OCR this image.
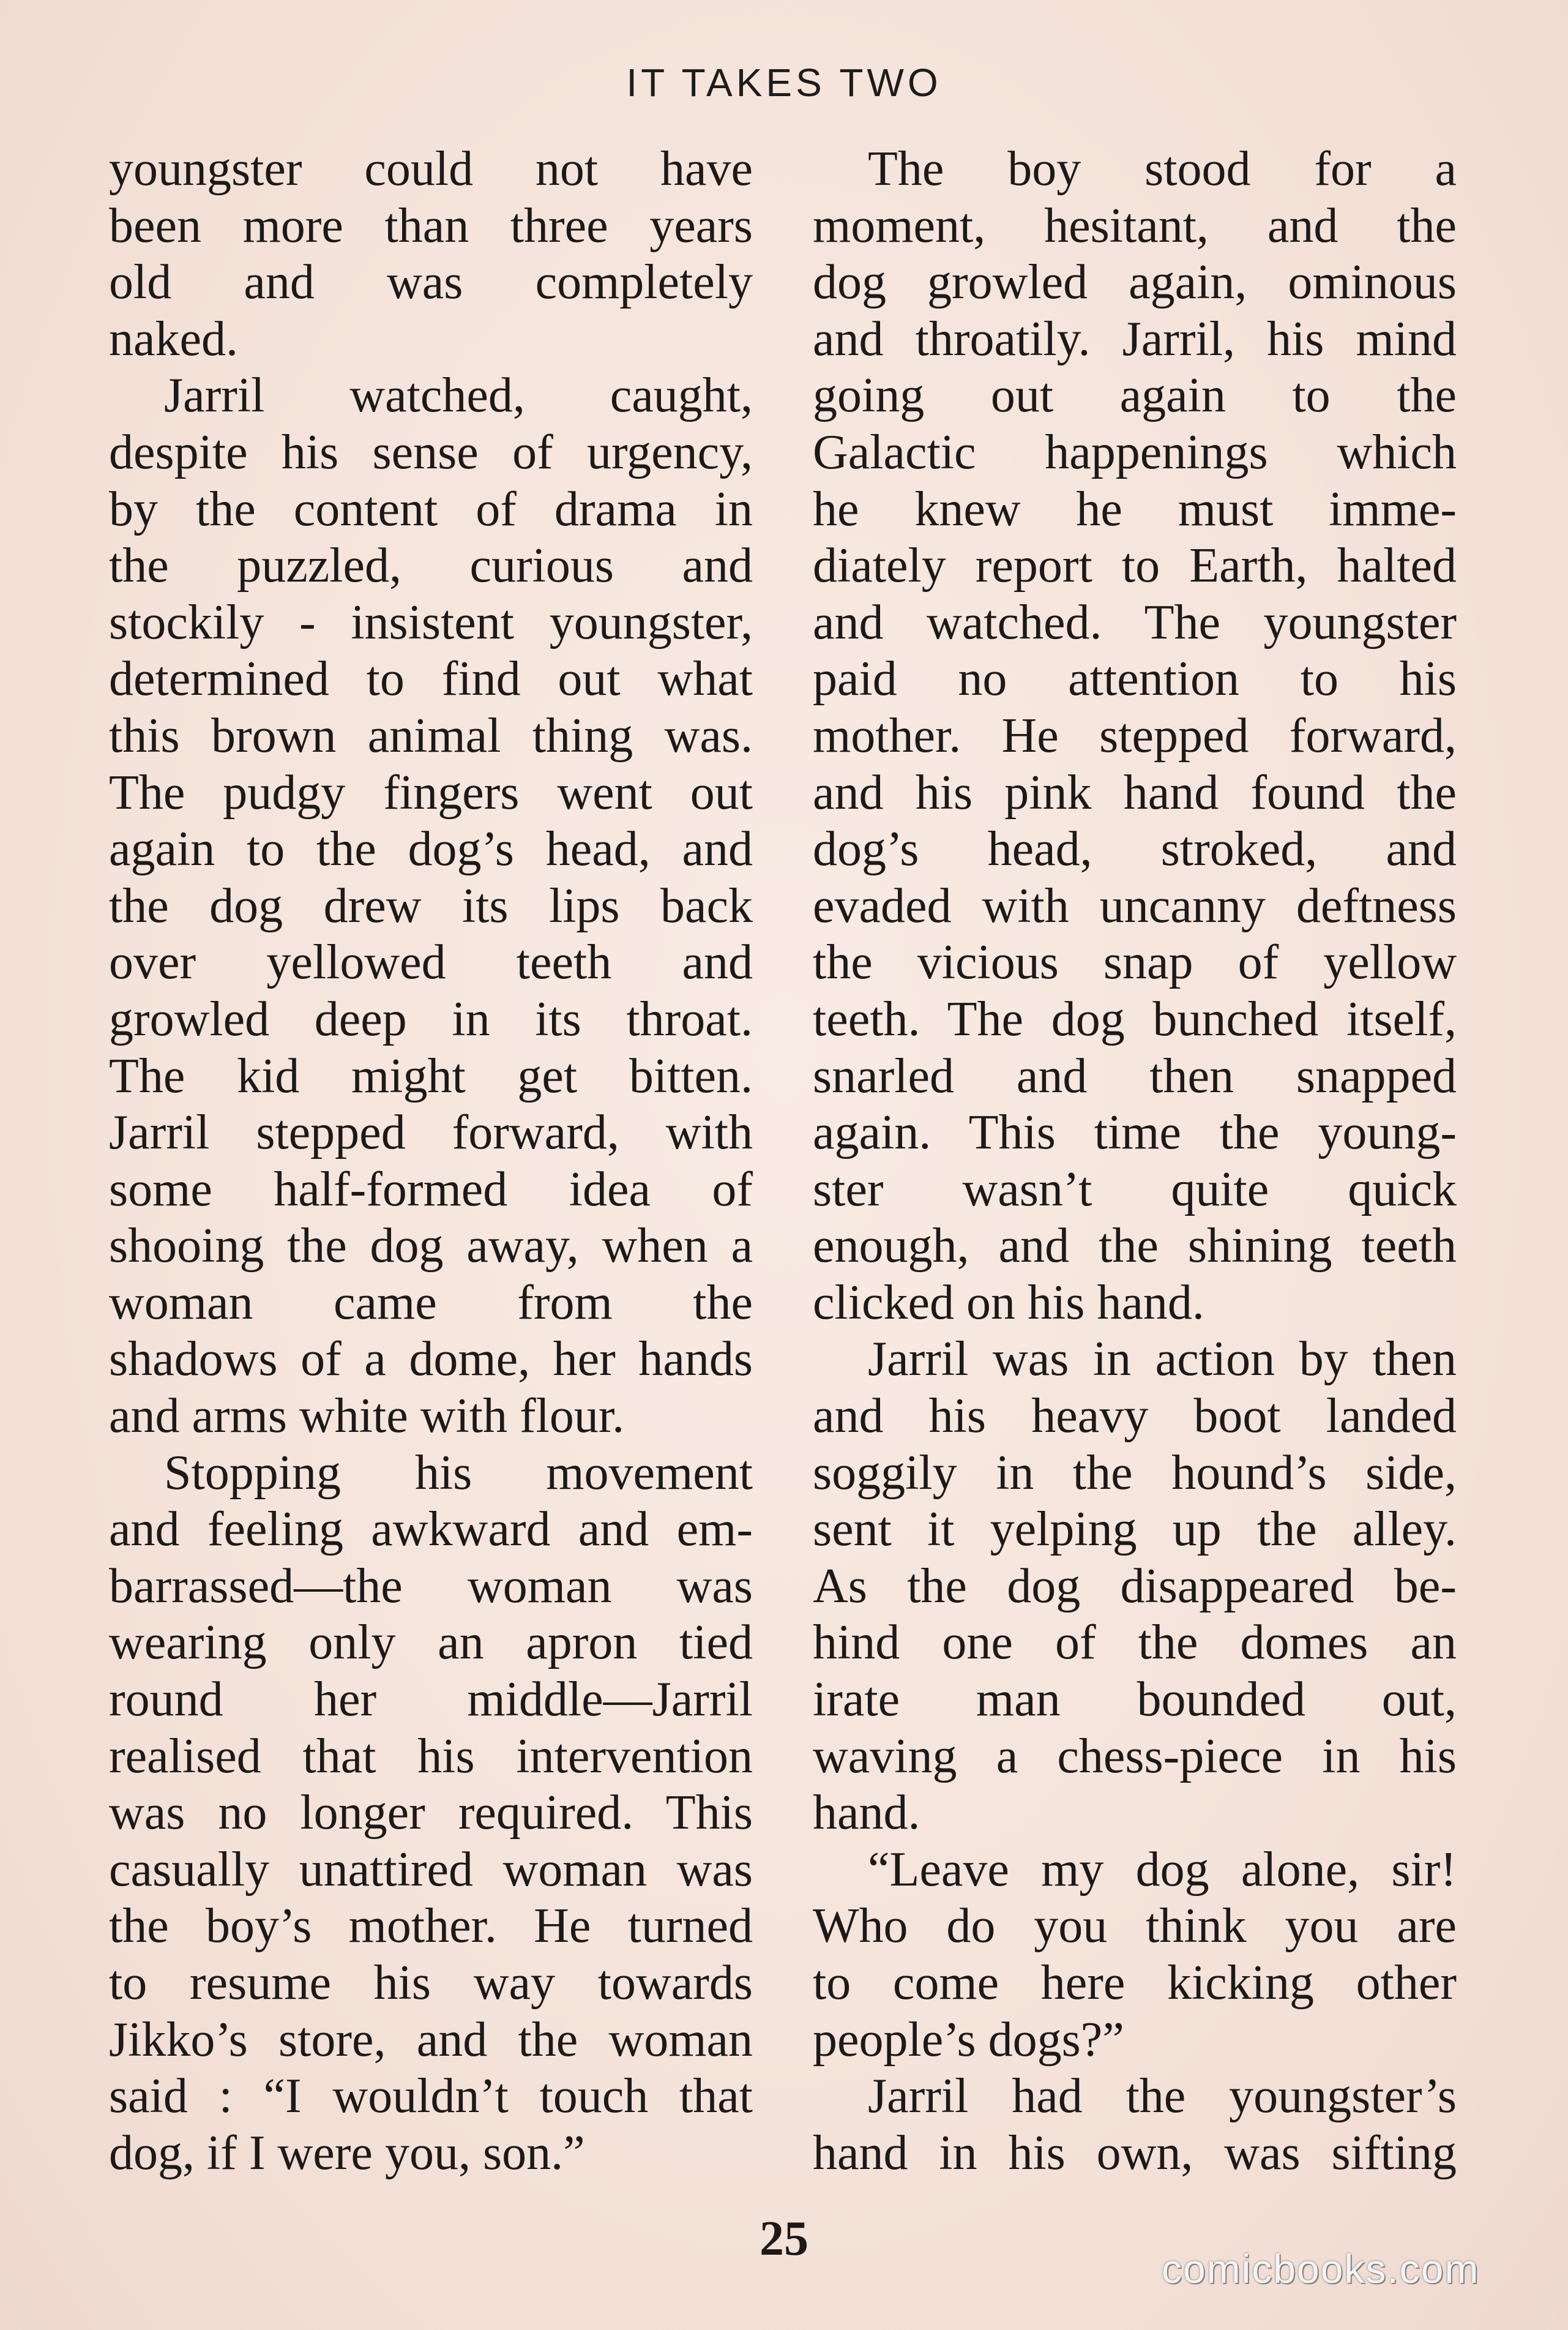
IT TAKES TWO
youngster could not have
been more than three years
old and was completely
naked.
Jarril watched, caught,
despite his sense of urgency,
by the content of drama in
the puzzled, curious and
stockily - insistent youngster,
determined to find out what
this brown animal thing was.
The pudgy fingers went out
again to the dog’s head, and
the dog drew its lips back
over yellowed teeth and
growled deep in its throat.
The kid might get bitten.
Jarril stepped forward, with
some half-formed idea of
shooing the dog away, when a
woman came from the
shadows of a dome, her hands
and arms white with flour.
Stopping his movement
and feeling awkward and em-
barrassed—the woman was
wearing only an apron tied
round her middle—Jarril
realised that his intervention
was no longer required. This
casually unattired woman was
the boy’s mother. He turned
to resume his way towards
Jikko’s store, and the woman
said : “I wouldn’t touch that
dog, if I were you, son.”
The boy stood for a
moment, hesitant, and the
dog growled again, ominous
and throatily. Jarril, his mind
going out again to the
Galactic happenings which
he knew he must imme-
diately report to Earth, halted
and watched. The youngster
paid no attention to his
mother. He stepped forward,
and his pink hand found the
dog’s head, stroked, and
evaded with uncanny deftness
the vicious snap of yellow
teeth. The dog bunched itself,
snarled and then snapped
again. This time the young-
ster wasn’t quite quick
enough, and the shining teeth
clicked on his hand.
Jarril was in action by then
and his heavy boot landed
soggily in the hound’s side,
sent it yelping up the alley.
As the dog disappeared be-
hind one of the domes an
irate man bounded out,
waving a chess-piece in his
hand.
“Leave my dog alone, sir!
Who do you think you are
to come here kicking other
people’s dogs?”
Jarril had the youngster’s
hand in his own, was sifting
25
comicbooks.com
